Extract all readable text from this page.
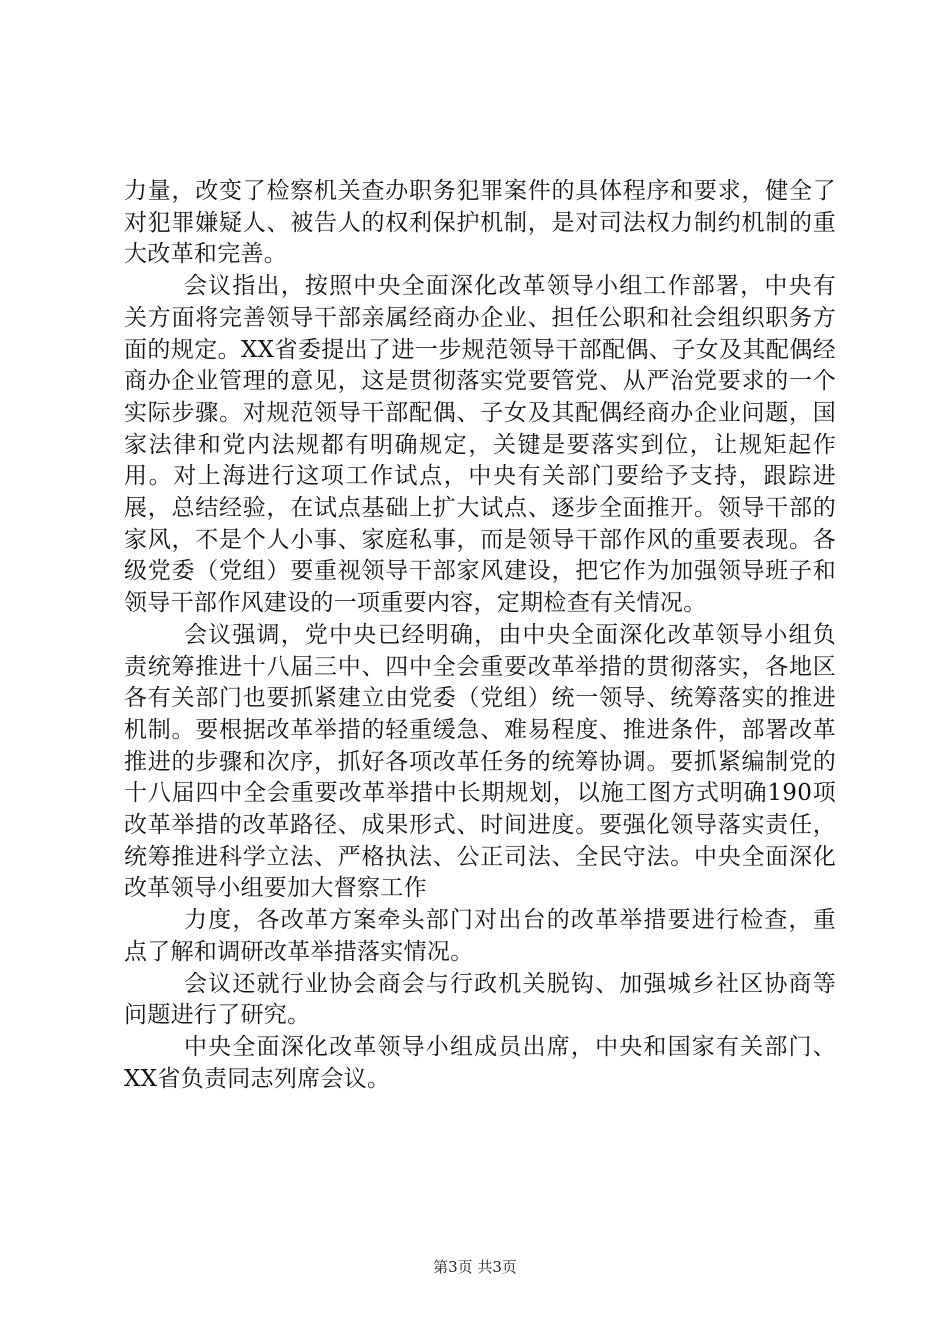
力量，改变了检察机关查办职务犯罪案件的具体程序和要求，健全了对犯罪嫌疑人、被告人的权利保护机制，是对司法权力制约机制的重大改革和完善。

会议指出，按照中央全面深化改革领导小组工作部署，中央有关方面将完善领导干部亲属经商办企业、担任公职和社会组织职务方面的规定。XX省委提出了进一步规范领导干部配偶、子女及其配偶经商办企业管理的意见，这是贯彻落实党要管党、从严治党要求的一个实际步骤。对规范领导干部配偶、子女及其配偶经商办企业问题，国家法律和党内法规都有明确规定，关键是要落实到位，让规矩起作用。对上海进行这项工作试点，中央有关部门要给予支持，跟踪进展，总结经验，在试点基础上扩大试点、逐步全面推开。领导干部的家风，不是个人小事、家庭私事，而是领导干部作风的重要表现。各级党委（党组）要重视领导干部家风建设，把它作为加强领导班子和领导干部作风建设的一项重要内容，定期检查有关情况。

会议强调，党中央已经明确，由中央全面深化改革领导小组负责统筹推进十八届三中、四中全会重要改革举措的贯彻落实，各地区各有关部门也要抓紧建立由党委（党组）统一领导、统筹落实的推进机制。要根据改革举措的轻重缓急、难易程度、推进条件，部署改革推进的步骤和次序，抓好各项改革任务的统筹协调。要抓紧编制党的十八届四中全会重要改革举措中长期规划，以施工图方式明确190项改革举措的改革路径、成果形式、时间进度。要强化领导落实责任，统筹推进科学立法、严格执法、公正司法、全民守法。中央全面深化改革领导小组要加大督察工作

力度，各改革方案牵头部门对出台的改革举措要进行检查，重点了解和调研改革举措落实情况。

会议还就行业协会商会与行政机关脱钩、加强城乡社区协商等问题进行了研究。

中央全面深化改革领导小组成员出席，中央和国家有关部门、XX省负责同志列席会议。

第3页 共3页
